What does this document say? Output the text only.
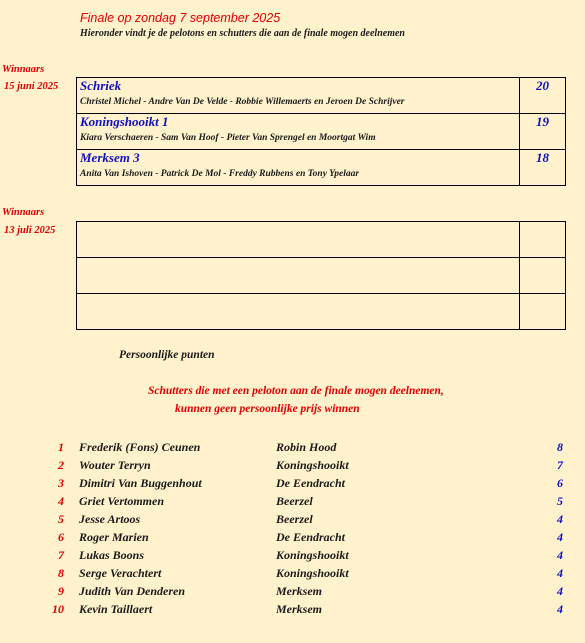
Finale op zondag 7 september 2025
Hieronder vindt je de pelotons en schutters die aan de finale mogen deelnemen
Winnaars
15 juni 2025 Schriek
Christel Michel - Andre Van De Velde - Robbie Willemaerts en Jeroen De Schrijver	20

Koningshooikt 1
Kiara Verschaeren - Sam Van Hoof - Pieter Van Sprengel en Moortgat Wim	19

Merksem 3
Anita Van Ishoven - Patrick De Mol - Freddy Rubbens en Tony Ypelaar	18
Winnaars
13 juli 2025

Persoonlijke punten
Schutters die met een peloton aan de finale mogen deelnemen,
kunnen geen persoonlijke prijs winnen
1 Frederik (Fons) Ceunen	Robin Hood	8
2 Wouter Terryn	Koningshooikt	7
3 Dimitri Van Buggenhout	De Eendracht	6
4 Griet Vertommen	Beerzel	5
5 Jesse Artoos	Beerzel	4
6 Roger Marien	De Eendracht	4
7 Lukas Boons	Koningshooikt	4
8 Serge Verachtert	Koningshooikt	4
9 Judith Van Denderen	Merksem	4
10 Kevin Taillaert	Merksem	4
